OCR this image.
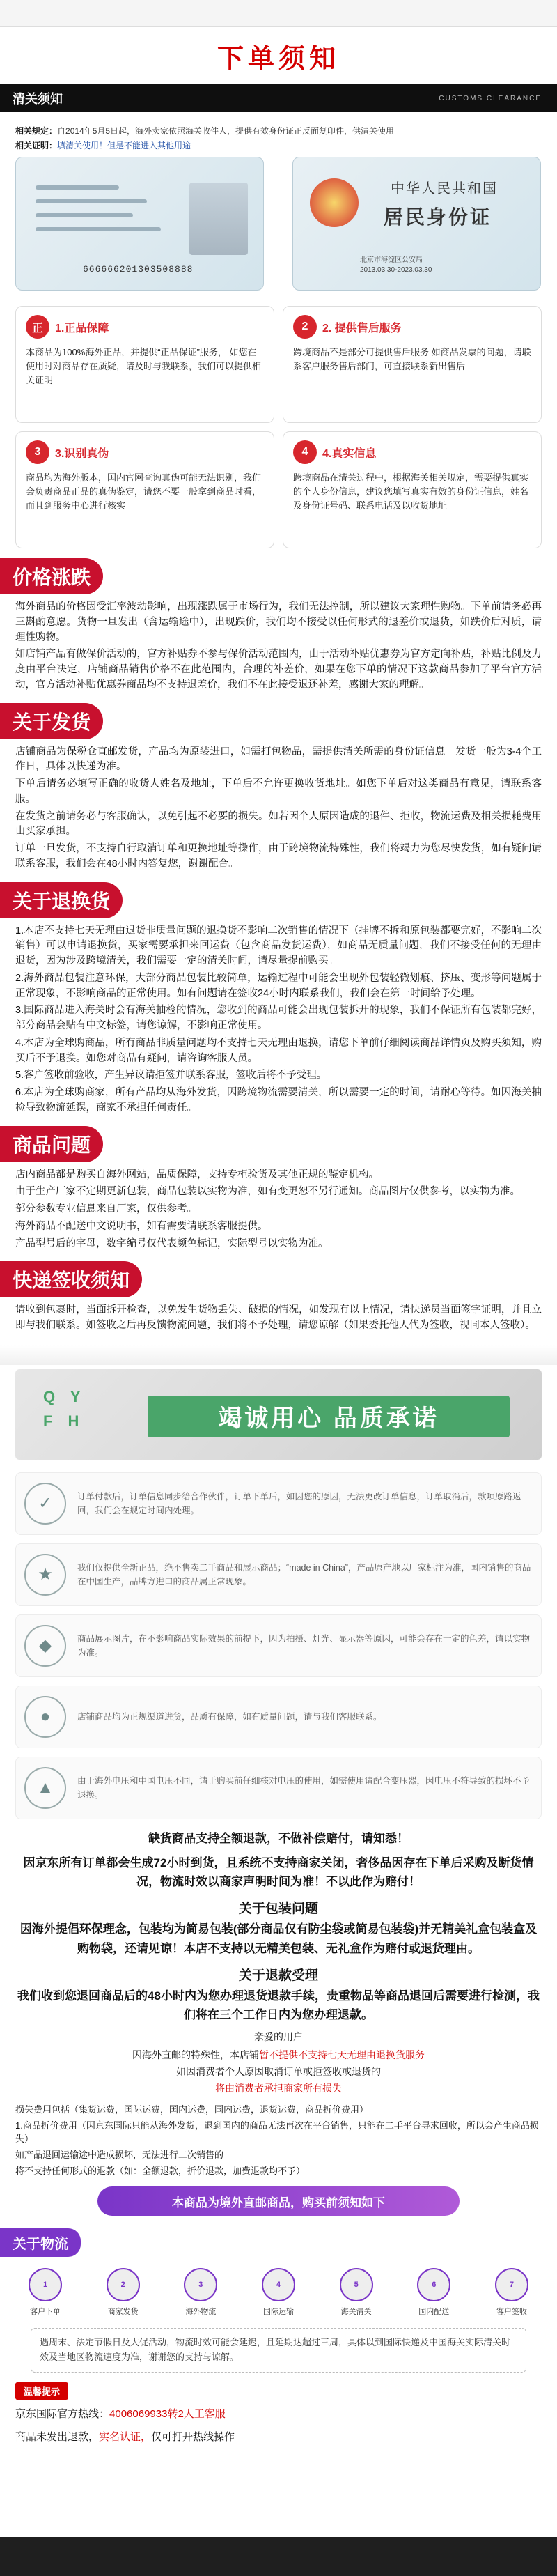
下单须知
清关须知	CUSTOMS CLEARANCE

相关规定：自2014年5月5日起，海外卖家依照海关收件人，提供有效身份证正反面复印件，供清关使用

相关证明：填清关使用！但是不能进入其他用途

666666201303508888
中华人民共和国
居民身份证
北京市海淀区公安局
2013.03.30-2023.03.30
正	1.正品保障
本商品为100%海外正品，并提供“正品保证”服务， 如您在使用时对商品存在质疑，请及时与我联系，我们可以提供相关证明
2	2. 提供售后服务
跨境商品不是部分可提供售后服务 如商品发票的问题，请联系客户服务售后部门，可直接联系新出售后
3	3.识别真伪
商品均为海外版本，国内官网查询真伪可能无法识别，我们会负责商品正品的真伪鉴定，请您不要一般拿到商品时看，而且到服务中心进行核实
4	4.真实信息
跨境商品在清关过程中，根据海关相关规定，需要提供真实的个人身份信息，建议您填写真实有效的身份证信息，姓名及身份证号码、联系电话及以收货地址
价格涨跌

海外商品的价格因受汇率波动影响，出现涨跌属于市场行为，我们无法控制，所以建议大家理性购物。下单前请务必再三斟酌意愿。货物一旦发出（含运输途中），出现跌价，我们均不接受以任何形式的退差价或退货，如跌价后对质，请理性购物。

如店铺产品有做保价活动的，官方补贴券不参与保价活动范围内，由于活动补贴优惠券为官方定向补贴，补贴比例及力度由平台决定，店铺商品销售价格不在此范围内，合理的补差价，如果在您下单的情况下这款商品参加了平台官方活动，官方活动补贴优惠券商品均不支持退差价，我们不在此接受退还补差，感谢大家的理解。

关于发货

店铺商品为保税仓直邮发货，产品均为原装进口，如需打包物品，需提供清关所需的身份证信息。发货一般为3-4个工作日，具体以快递为准。

下单后请务必填写正确的收货人姓名及地址，下单后不允许更换收货地址。如您下单后对这类商品有意见，请联系客服。

在发货之前请务必与客服确认，以免引起不必要的损失。如若因个人原因造成的退件、拒收，物流运费及相关损耗费用由买家承担。

订单一旦发货，不支持自行取消订单和更换地址等操作，由于跨境物流特殊性，我们将竭力为您尽快发货，如有疑问请联系客服，我们会在48小时内答复您，谢谢配合。

关于退换货

1.本店不支持七天无理由退货非质量问题的退换货不影响二次销售的情况下（挂牌不拆和原包装都要完好，不影响二次销售）可以申请退换货，买家需要承担来回运费（包含商品发货运费），如商品无质量问题，我们不接受任何的无理由退货，因为涉及跨境清关，我们需要一定的清关时间，请尽量提前购买。

2.海外商品包装注意环保，大部分商品包装比较简单，运输过程中可能会出现外包装轻微划痕、挤压、变形等问题属于正常现象，不影响商品的正常使用。如有问题请在签收24小时内联系我们，我们会在第一时间给予处理。

3.国际商品进入海关时会有海关抽检的情况，您收到的商品可能会出现包装拆开的现象，我们不保证所有包装都完好，部分商品会贴有中文标签，请您谅解，不影响正常使用。

4.本店为全球购商品，所有商品非质量问题均不支持七天无理由退换，请您下单前仔细阅读商品详情页及购买须知，购买后不予退换。如您对商品有疑问，请咨询客服人员。

5.客户签收前验收，产生异议请拒签并联系客服，签收后将不予受理。

6.本店为全球购商家，所有产品均从海外发货，因跨境物流需要清关，所以需要一定的时间，请耐心等待。如因海关抽检导致物流延误，商家不承担任何责任。

商品问题

店内商品都是购买自海外网站，品质保障，支持专柜验货及其他正规的鉴定机构。

由于生产厂家不定期更新包装，商品包装以实物为准，如有变更恕不另行通知。商品图片仅供参考，以实物为准。

部分参数专业信息来自厂家，仅供参考。

海外商品不配送中文说明书，如有需要请联系客服提供。

产品型号后的字母，数字编号仅代表颜色标记，实际型号以实物为准。

快递签收须知

请收到包裹时，当面拆开检查，以免发生货物丢失、破损的情况，如发现有以上情况，请快递员当面签字证明，并且立即与我们联系。如签收之后再反馈物流问题，我们将不予处理，请您谅解（如果委托他人代为签收，视同本人签收）。

Q Y
F H	竭诚用心 品质承诺
✓	订单付款后，订单信息同步给合作伙伴，订单下单后，如因您的原因，无法更改订单信息，订单取消后，款项原路返回，我们会在规定时间内处理。
★	我们仅提供全新正品，绝不售卖二手商品和展示商品；“made in China”，产品原产地以厂家标注为准，国内销售的商品在中国生产，品牌方进口的商品属正常现象。
◆	商品展示图片，在不影响商品实际效果的前提下，因为拍摄、灯光、显示器等原因，可能会存在一定的色差，请以实物为准。
●	店铺商品均为正规渠道进货，品质有保障，如有质量问题，请与我们客服联系。
▲	由于海外电压和中国电压不同，请于购买前仔细核对电压的使用，如需使用请配合变压器，因电压不符导致的损坏不予退换。
缺货商品支持全额退款，不做补偿赔付，请知悉！
因京东所有订单都会生成72小时到货，且系统不支持商家关闭，奢侈品因存在下单后采购及断货情况，物流时效以商家声明时间为准！不以此作为赔付！
关于包装问题
因海外提倡环保理念，包装均为简易包装(部分商品仅有防尘袋或简易包装袋)并无精美礼盒包装盒及购物袋，还请见谅！本店不支持以无精美包装、无礼盒作为赔付或退货理由。
关于退款受理
我们收到您退回商品后的48小时内为您办理退货退款手续，贵重物品等商品退回后需要进行检测，我们将在三个工作日内为您办理退款。
亲爱的用户
因海外直邮的特殊性，本店铺暂不提供不支持七天无理由退换货服务
如因消费者个人原因取消订单或拒签收或退货的
将由消费者承担商家所有损失
损失费用包括（集货运费，国际运费，国内运费，国内运费，退货运费，商品折价费用）
1.商品折价费用（因京东国际只能从海外发货，退到国内的商品无法再次在平台销售，只能在二手平台寻求回收，所以会产生商品损失）
如产品退回运输途中造成损坏，无法进行二次销售的
将不支持任何形式的退款（如：全额退款，折价退款，加费退款均不予）
本商品为境外直邮商品，购买前须知如下
关于物流
1
客户下单
2
商家发货
3
海外物流
4
国际运输
5
海关清关
6
国内配送
7
客户签收
遇周末、法定节假日及大促活动，物流时效可能会延迟，且延期达超过三周，具体以到国际快递及中国海关实际清关时效及当地区物流速度为准，谢谢您的支持与谅解。
温馨提示
京东国际官方热线：4006069933转2人工客服
商品未发出退款，实名认证，仅可打开热线操作
